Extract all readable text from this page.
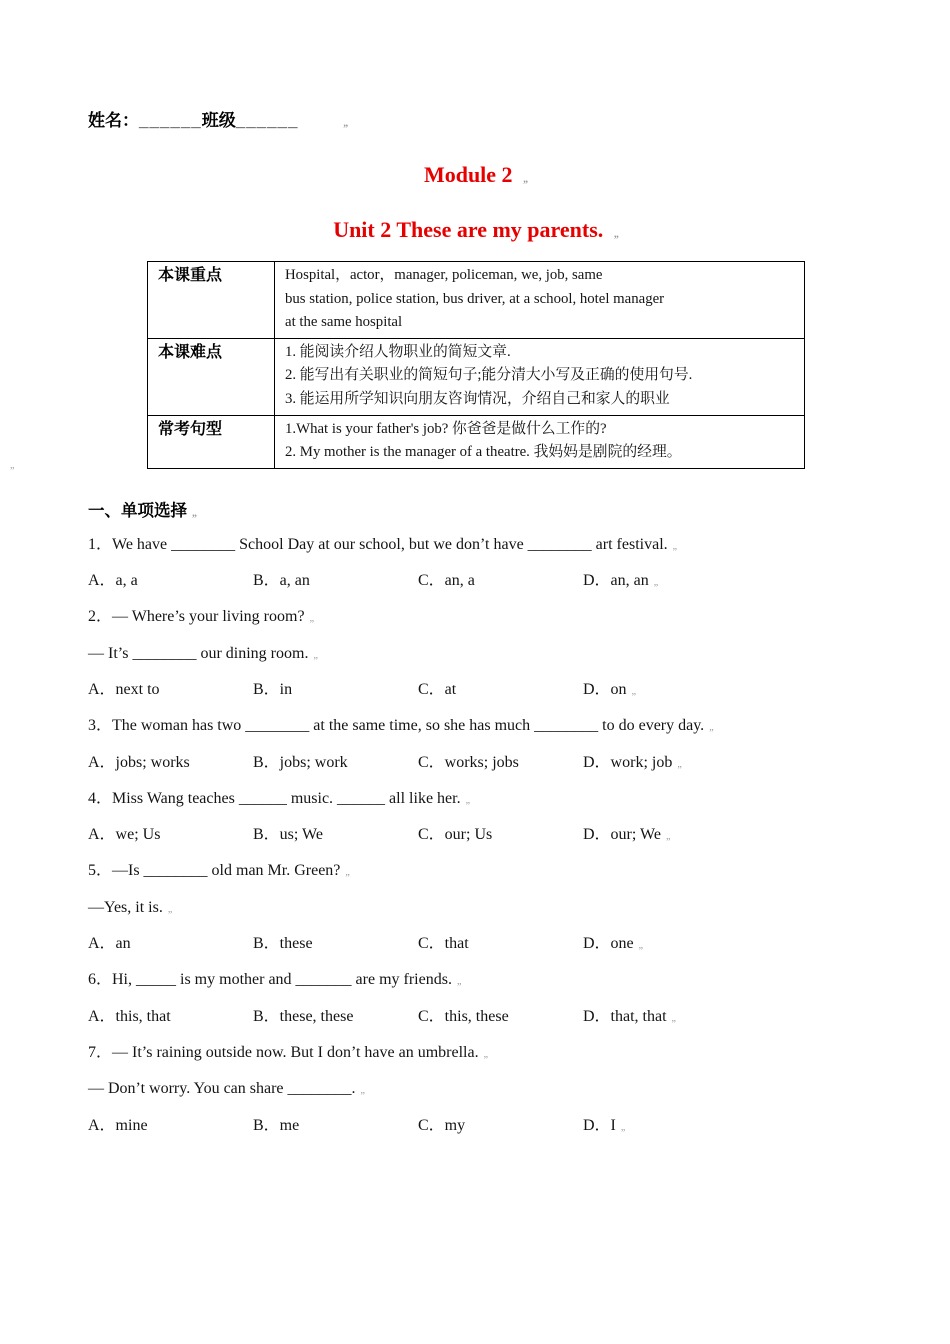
姓名：______班级______ „
Module 2 „
Unit 2 These are my parents. „
„
本课重点	Hospital，actor，manager, policeman, we, job, same
bus station, police station, bus driver, at a school, hotel manager
at the same hospital

本课难点	1. 能阅读介绍人物职业的简短文章.
2. 能写出有关职业的简短句子;能分清大小写及正确的使用句号.
3. 能运用所学知识向朋友咨询情况，介绍自己和家人的职业

常考句型	1.What is your father's job? 你爸爸是做什么工作的?
2. My mother is the manager of a theatre. 我妈妈是剧院的经理。
一、单项选择 „
1．We have ________ School Day at our school, but we don’t have ________ art festival. „
A．a, a	B．a, an	C．an, a	D．an, an „
2．— Where’s your living room? „
— It’s ________ our dining room. „
A．next to	B．in	C．at	D．on „
3．The woman has two ________ at the same time, so she has much ________ to do every day. „
A．jobs; works	B．jobs; work	C．works; jobs	D．work; job „
4．Miss Wang teaches ______ music. ______ all like her. „
A．we; Us	B．us; We	C．our; Us	D．our; We „
5．—Is ________ old man Mr. Green? „
—Yes, it is. „
A．an	B．these	C．that	D．one „
6．Hi, _____ is my mother and _______ are my friends. „
A．this, that	B．these, these	C．this, these	D．that, that „
7．— It’s raining outside now. But I don’t have an umbrella. „
— Don’t worry. You can share ________. „
A．mine	B．me	C．my	D．I „
